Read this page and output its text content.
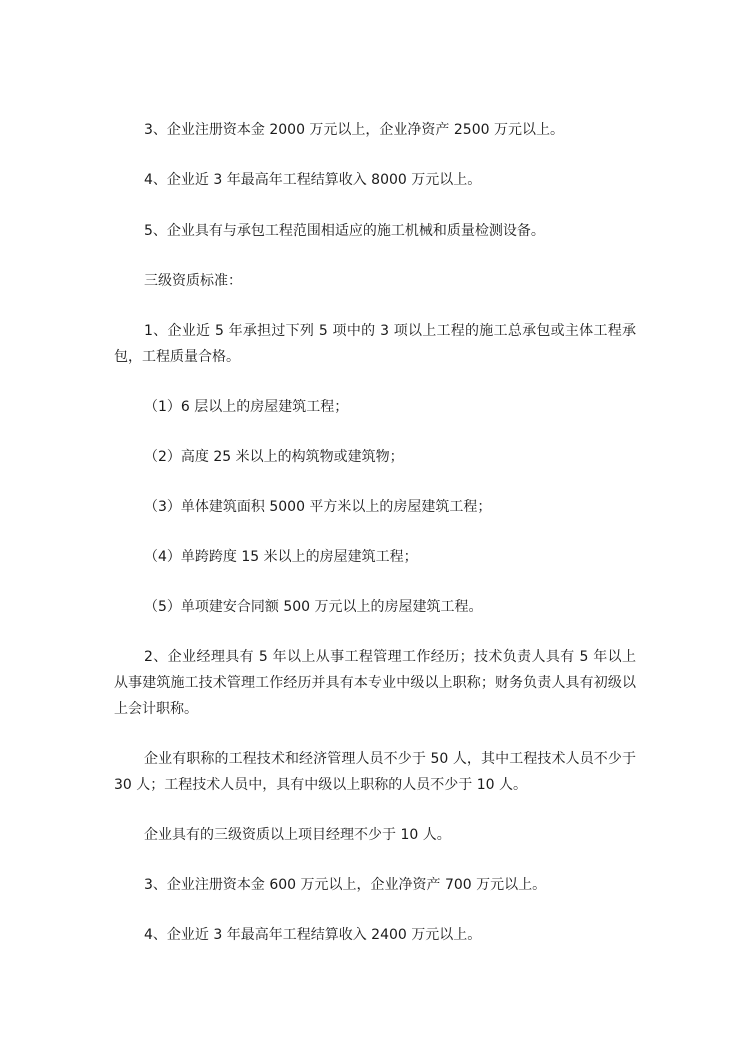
3、企业注册资本金 2000 万元以上，企业净资产 2500 万元以上。
4、企业近 3 年最高年工程结算收入 8000 万元以上。
5、企业具有与承包工程范围相适应的施工机械和质量检测设备。
三级资质标准：
1、企业近 5 年承担过下列 5 项中的 3 项以上工程的施工总承包或主体工程承包，工程质量合格。
（1）6 层以上的房屋建筑工程；
（2）高度 25 米以上的构筑物或建筑物；
（3）单体建筑面积 5000 平方米以上的房屋建筑工程；
（4）单跨跨度 15 米以上的房屋建筑工程；
（5）单项建安合同额 500 万元以上的房屋建筑工程。
2、企业经理具有 5 年以上从事工程管理工作经历；技术负责人具有 5 年以上从事建筑施工技术管理工作经历并具有本专业中级以上职称；财务负责人具有初级以上会计职称。
企业有职称的工程技术和经济管理人员不少于 50 人，其中工程技术人员不少于 30 人；工程技术人员中，具有中级以上职称的人员不少于 10 人。
企业具有的三级资质以上项目经理不少于 10 人。
3、企业注册资本金 600 万元以上，企业净资产 700 万元以上。
4、企业近 3 年最高年工程结算收入 2400 万元以上。
